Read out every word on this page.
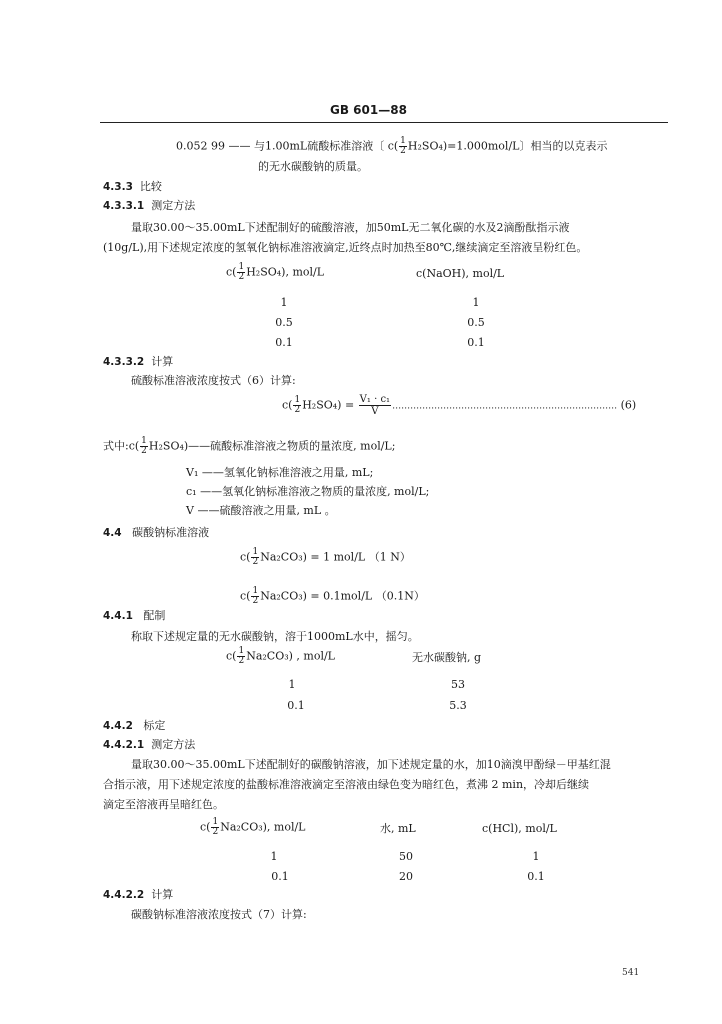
GB 601—88
0.052 99 —— 与1.00mL硫酸标准溶液〔 $c( \frac{1}{2} H_2SO_4)=1.000mol/L$〕相当的以克表示
的无水碳酸钠的质量。
4.3.3 比较
4.3.3.1 测定方法
量取30.00～35.00mL下述配制好的硫酸溶液，加50mL无二氧化碳的水及2滴酚酞指示液
(10g/L),用下述规定浓度的氢氧化钠标准溶液滴定,近终点时加热至80℃,继续滴定至溶液呈粉红色。
$c( \frac{1}{2} H_2SO_4)$, mol/L	c(NaOH), mol/L
1	1
0.5	0.5
0.1	0.1
4.3.3.2 计算
硫酸标准溶液浓度按式（6）计算:
$c( \frac{1}{2} H_2SO_4) = \frac{\text{V₁ · c₁}}{V}$ ………………………………………………………………… (6)
式中:c( $\frac{1}{2}$ H₂SO₄)——硫酸标准溶液之物质的量浓度, mol/L;
V₁ ——氢氧化钠标准溶液之用量, mL;
c₁ ——氢氧化钠标准溶液之物质的量浓度, mol/L;
V ——硫酸溶液之用量, mL 。
4.4 碳酸钠标准溶液
$c( \frac{1}{2} Na_2CO_3) = 1$ mol/L （1 N）
$c( \frac{1}{2} Na_2CO_3) = 0.1mol/L$ （0.1N）
4.4.1 配制
称取下述规定量的无水碳酸钠，溶于1000mL水中，摇匀。
$c( \frac{1}{2} Na_2CO_3)$ , mol/L	无水碳酸钠, g
1	53
0.1	5.3
4.4.2 标定
4.4.2.1 测定方法
量取30.00～35.00mL下述配制好的碳酸钠溶液，加下述规定量的水，加10滴溴甲酚绿－甲基红混
合指示液，用下述规定浓度的盐酸标准溶液滴定至溶液由绿色变为暗红色，煮沸 2 min，冷却后继续
滴定至溶液再呈暗红色。
$c( \frac{1}{2} Na_2CO_3)$, mol/L	水, mL	c(HCl), mol/L
1	50	1
0.1	20	0.1
4.4.2.2 计算
碳酸钠标准溶液浓度按式（7）计算:
541
